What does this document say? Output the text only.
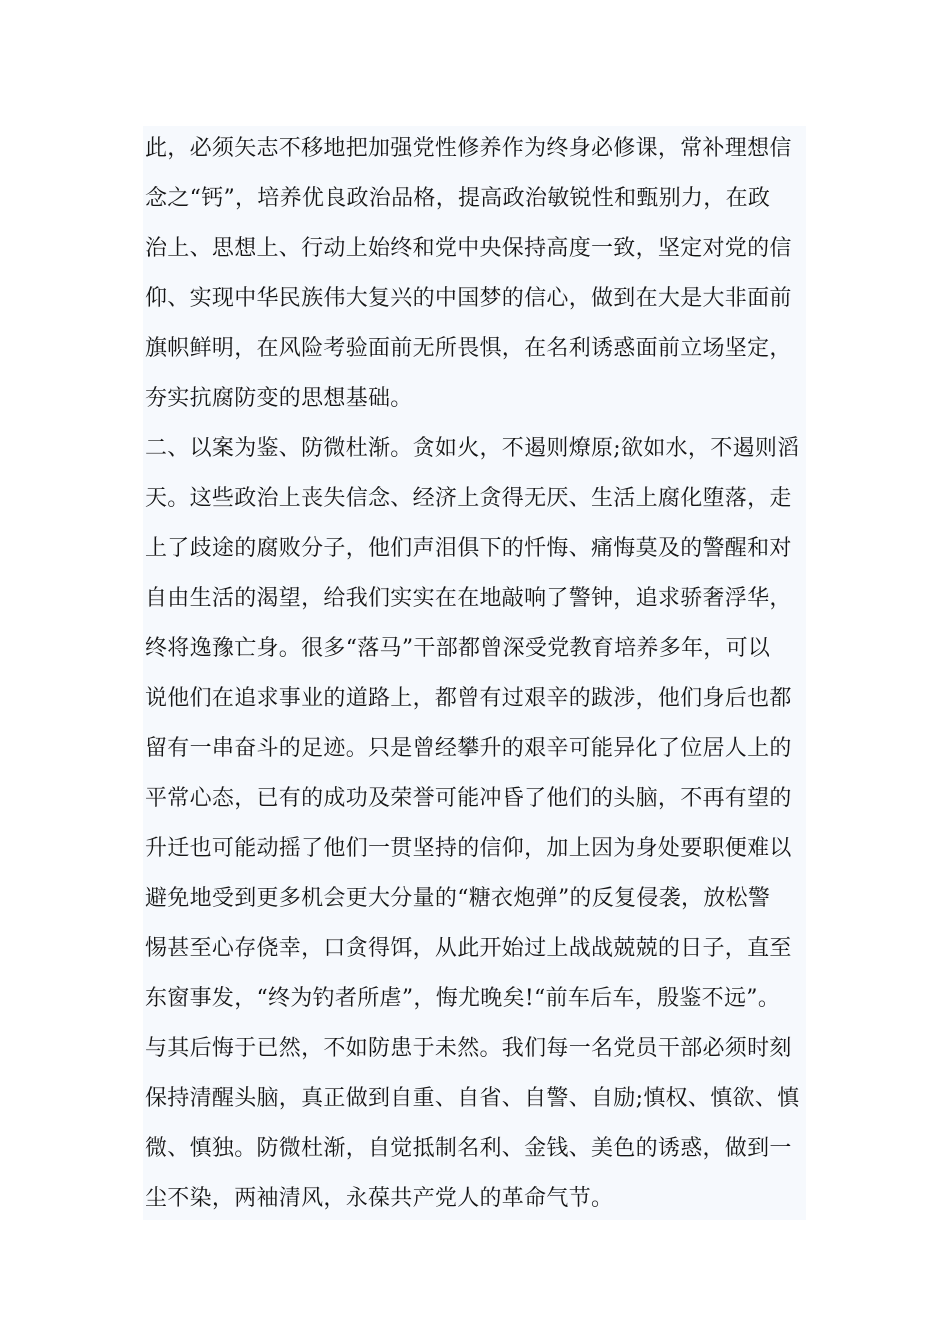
此，必须矢志不移地把加强党性修养作为终身必修课，常补理想信
念之“钙”，培养优良政治品格，提高政治敏锐性和甄别力，在政
治上、思想上、行动上始终和党中央保持高度一致，坚定对党的信
仰、实现中华民族伟大复兴的中国梦的信心，做到在大是大非面前
旗帜鲜明，在风险考验面前无所畏惧，在名利诱惑面前立场坚定，
夯实抗腐防变的思想基础。
二、以案为鉴、防微杜渐。贪如火，不遏则燎原;欲如水，不遏则滔
天。这些政治上丧失信念、经济上贪得无厌、生活上腐化堕落，走
上了歧途的腐败分子，他们声泪俱下的忏悔、痛悔莫及的警醒和对
自由生活的渴望，给我们实实在在地敲响了警钟，追求骄奢浮华，
终将逸豫亡身。很多“落马”干部都曾深受党教育培养多年，可以
说他们在追求事业的道路上，都曾有过艰辛的跋涉，他们身后也都
留有一串奋斗的足迹。只是曾经攀升的艰辛可能异化了位居人上的
平常心态，已有的成功及荣誉可能冲昏了他们的头脑，不再有望的
升迁也可能动摇了他们一贯坚持的信仰，加上因为身处要职便难以
避免地受到更多机会更大分量的“糖衣炮弹”的反复侵袭，放松警
惕甚至心存侥幸，口贪得饵，从此开始过上战战兢兢的日子，直至
东窗事发，“终为钓者所虐”，悔尤晚矣!“前车后车，殷鉴不远”。
与其后悔于已然，不如防患于未然。我们每一名党员干部必须时刻
保持清醒头脑，真正做到自重、自省、自警、自励;慎权、慎欲、慎
微、慎独。防微杜渐，自觉抵制名利、金钱、美色的诱惑，做到一
尘不染，两袖清风，永葆共产党人的革命气节。
